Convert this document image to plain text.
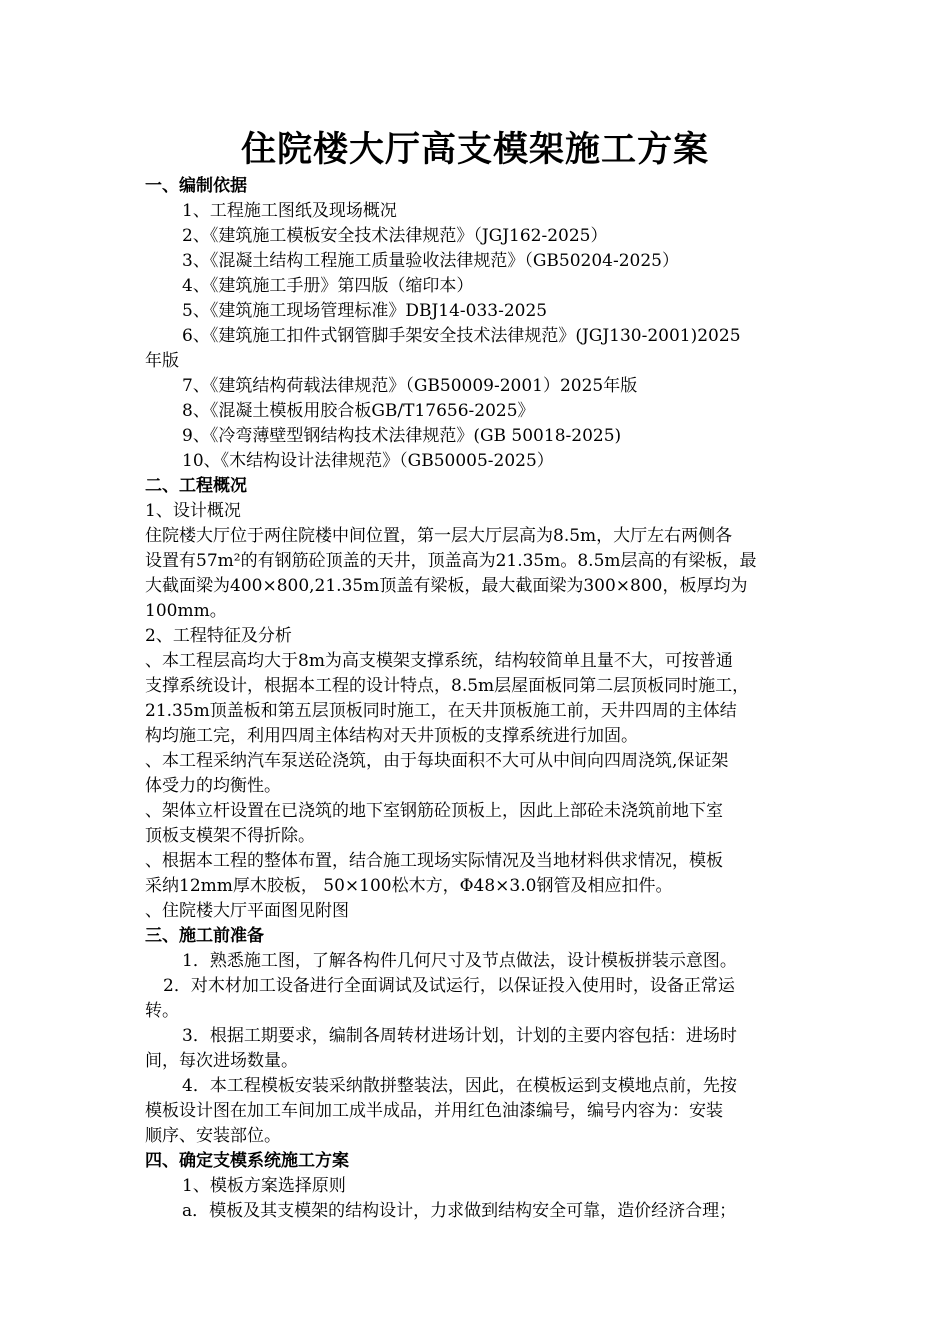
住院楼大厅高支模架施工方案
一、编制依据
1、工程施工图纸及现场概况
2、《建筑施工模板安全技术法律规范》（JGJ162-2025）
3、《混凝土结构工程施工质量验收法律规范》（GB50204-2025）
4、《建筑施工手册》第四版（缩印本）
5、《建筑施工现场管理标准》DBJ14-033-2025
6、《建筑施工扣件式钢管脚手架安全技术法律规范》(JGJ130-2001)2025
年版
7、《建筑结构荷载法律规范》（GB50009-2001）2025年版
8、《混凝土模板用胶合板GB/T17656-2025》
9、《冷弯薄壁型钢结构技术法律规范》(GB 50018-2025)
10、《木结构设计法律规范》（GB50005-2025）
二、工程概况
1、设计概况
住院楼大厅位于两住院楼中间位置，第一层大厅层高为8.5m，大厅左右两侧各
设置有57m²的有钢筋砼顶盖的天井，顶盖高为21.35m。8.5m层高的有梁板，最
大截面梁为400×800,21.35m顶盖有梁板，最大截面梁为300×800，板厚均为
100mm。
2、工程特征及分析
、本工程层高均大于8m为高支模架支撑系统，结构较简单且量不大，可按普通
支撑系统设计，根据本工程的设计特点，8.5m层屋面板同第二层顶板同时施工，
21.35m顶盖板和第五层顶板同时施工，在天井顶板施工前，天井四周的主体结
构均施工完，利用四周主体结构对天井顶板的支撑系统进行加固。
、本工程采纳汽车泵送砼浇筑，由于每块面积不大可从中间向四周浇筑,保证架
体受力的均衡性。
、架体立杆设置在已浇筑的地下室钢筋砼顶板上，因此上部砼未浇筑前地下室
顶板支模架不得折除。
、根据本工程的整体布置，结合施工现场实际情况及当地材料供求情况，模板
采纳12mm厚木胶板， 50×100松木方，Φ48×3.0钢管及相应扣件。
、住院楼大厅平面图见附图
三、施工前准备
1．熟悉施工图，了解各构件几何尺寸及节点做法，设计模板拼装示意图。
2．对木材加工设备进行全面调试及试运行，以保证投入使用时，设备正常运
转。
3．根据工期要求，编制各周转材进场计划，计划的主要内容包括：进场时
间，每次进场数量。
4．本工程模板安装采纳散拼整装法，因此，在模板运到支模地点前，先按
模板设计图在加工车间加工成半成品，并用红色油漆编号，编号内容为：安装
顺序、安装部位。
四、确定支模系统施工方案
1、模板方案选择原则
a．模板及其支模架的结构设计，力求做到结构安全可靠，造价经济合理；
